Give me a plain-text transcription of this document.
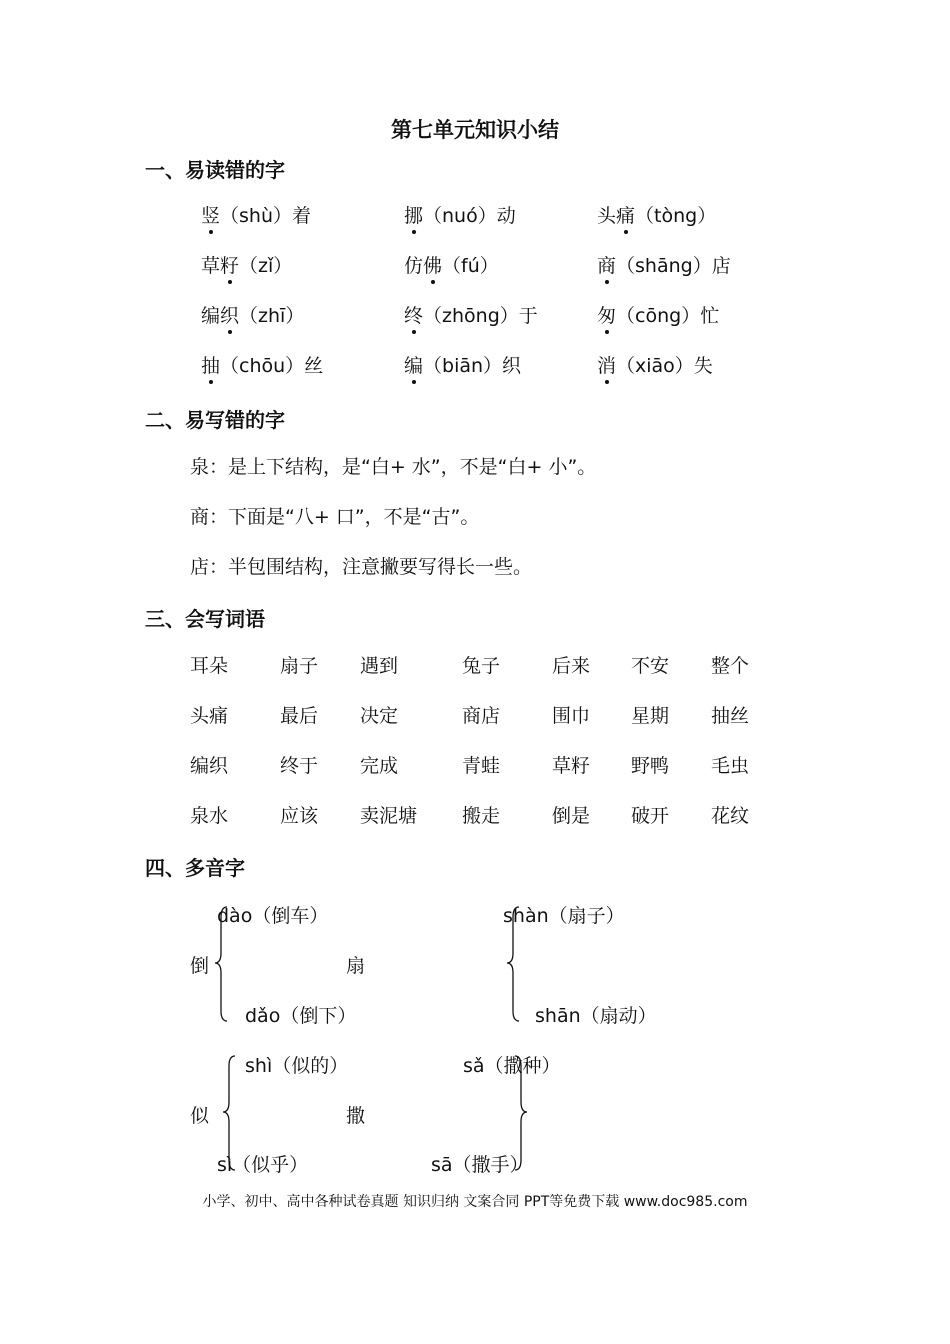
第七单元知识小结
一、易读错的字
竖（shù）着	挪（nuó）动	头痛（tòng）
草籽（zǐ）	仿佛（fú）	商（shāng）店
编织（zhī）	终（zhōng）于	匆（cōng）忙
抽（chōu）丝	编（biān）织	消（xiāo）失
二、易写错的字
泉：是上下结构，是“白+ 水”，不是“白+ 小”。
商：下面是“八+ 口”，不是“古”。
店：半包围结构，注意撇要写得长一些。
三、会写词语
耳朵	扇子 遇到	兔子	后来 不安 整个
头痛	最后 决定	商店	围巾 星期 抽丝
编织	终于 完成	青蛙	草籽 野鸭 毛虫
泉水	应该 卖泥塘 搬走	倒是 破开 花纹
四、多音字
dào（倒车）
倒
dǎo（倒下）
扇
shàn（扇子）
shān（扇动）
shì（似的）
似
sì（似乎）
撒
sǎ（撒种）
sā（撒手）
小学、初中、高中各种试卷真题 知识归纳 文案合同 PPT等免费下载 www.doc985.com
